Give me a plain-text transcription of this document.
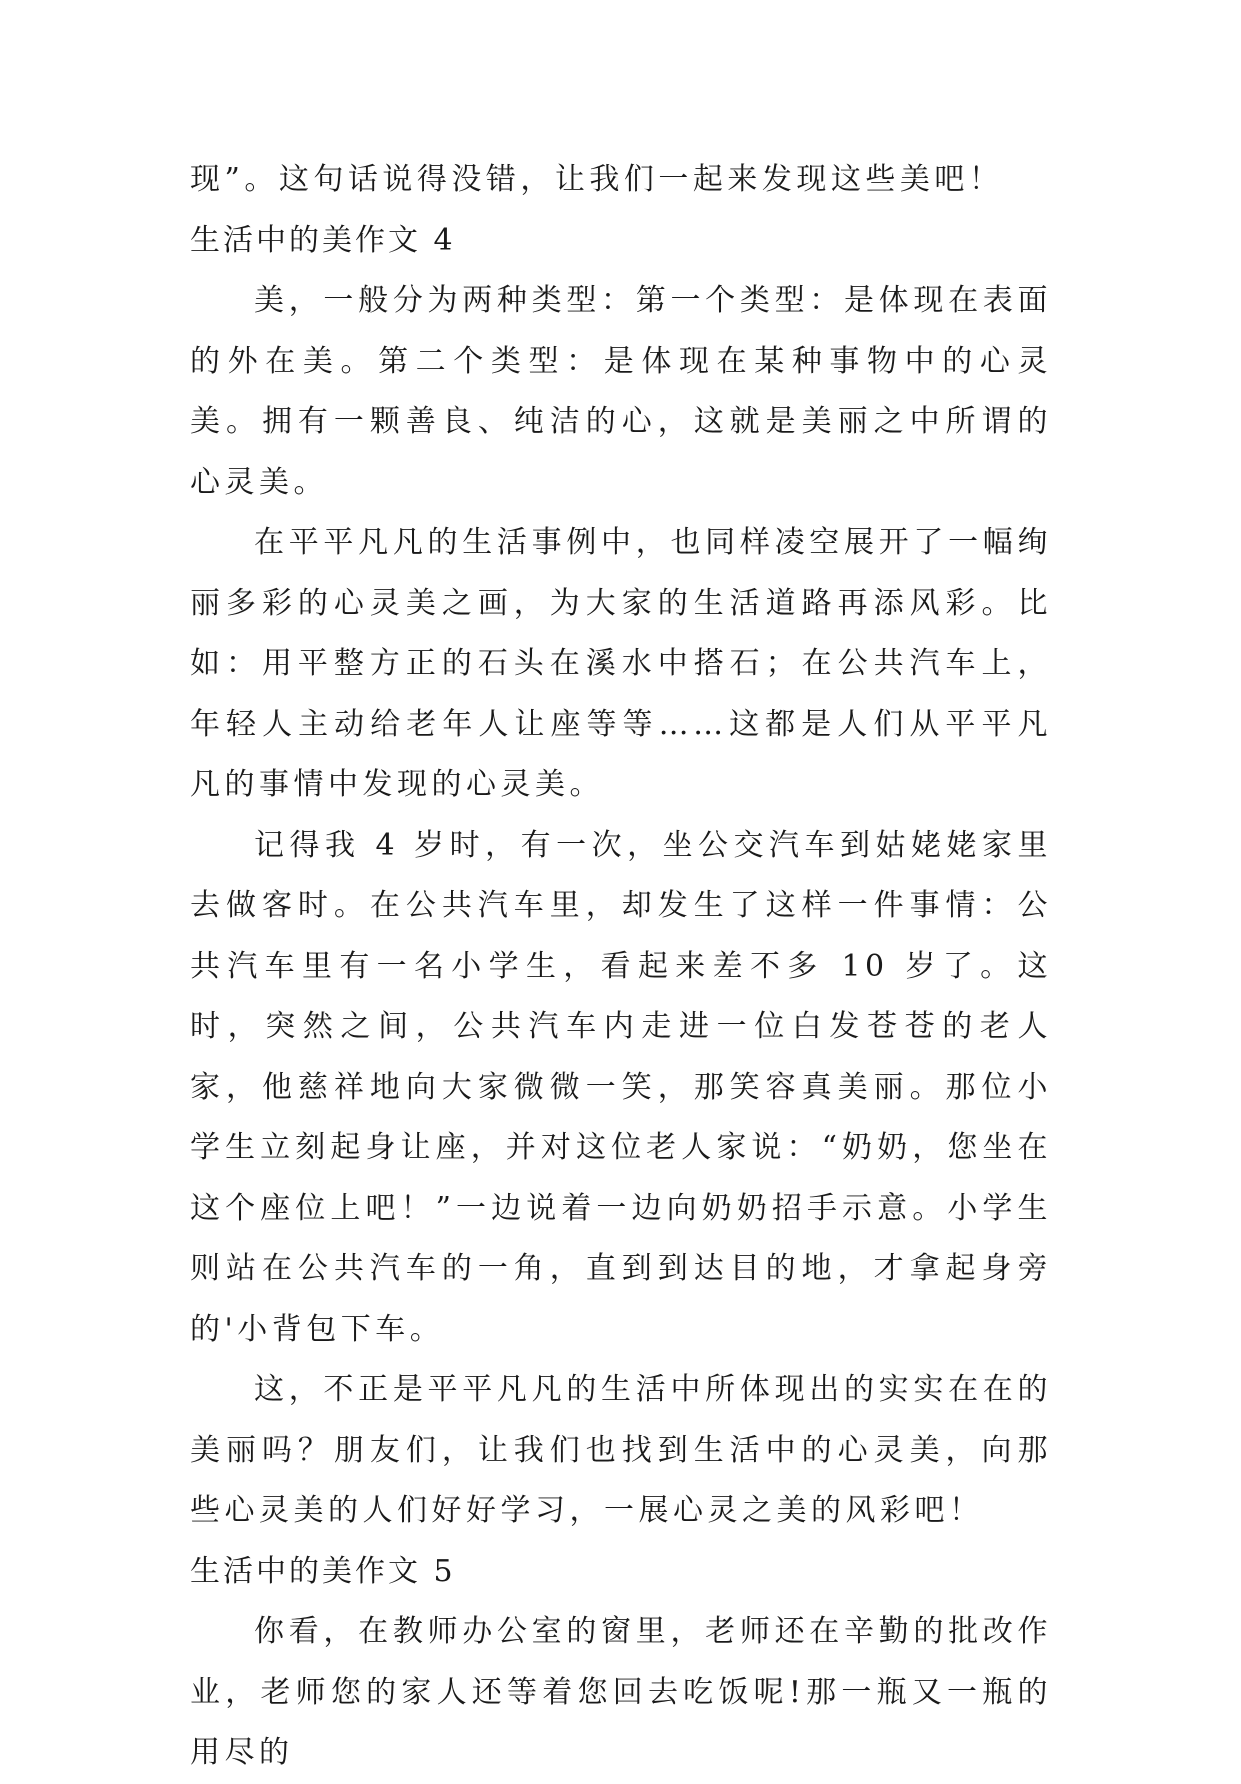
现”。这句话说得没错，让我们一起来发现这些美吧！

生活中的美作文 4

美，一般分为两种类型：第一个类型：是体现在表面的外在美。第二个类型：是体现在某种事物中的心灵美。拥有一颗善良、纯洁的心，这就是美丽之中所谓的心灵美。

在平平凡凡的生活事例中，也同样凌空展开了一幅绚丽多彩的心灵美之画，为大家的生活道路再添风彩。比如：用平整方正的石头在溪水中搭石；在公共汽车上，年轻人主动给老年人让座等等……这都是人们从平平凡凡的事情中发现的心灵美。

记得我 4 岁时，有一次，坐公交汽车到姑姥姥家里去做客时。在公共汽车里，却发生了这样一件事情：公共汽车里有一名小学生，看起来差不多 10 岁了。这时，突然之间，公共汽车内走进一位白发苍苍的老人家，他慈祥地向大家微微一笑，那笑容真美丽。那位小学生立刻起身让座，并对这位老人家说：“奶奶，您坐在这个座位上吧！”一边说着一边向奶奶招手示意。小学生则站在公共汽车的一角，直到到达目的地，才拿起身旁的'小背包下车。

这，不正是平平凡凡的生活中所体现出的实实在在的美丽吗？朋友们，让我们也找到生活中的心灵美，向那些心灵美的人们好好学习，一展心灵之美的风彩吧！

生活中的美作文 5

你看，在教师办公室的窗里，老师还在辛勤的批改作业，老师您的家人还等着您回去吃饭呢!那一瓶又一瓶的用尽的
